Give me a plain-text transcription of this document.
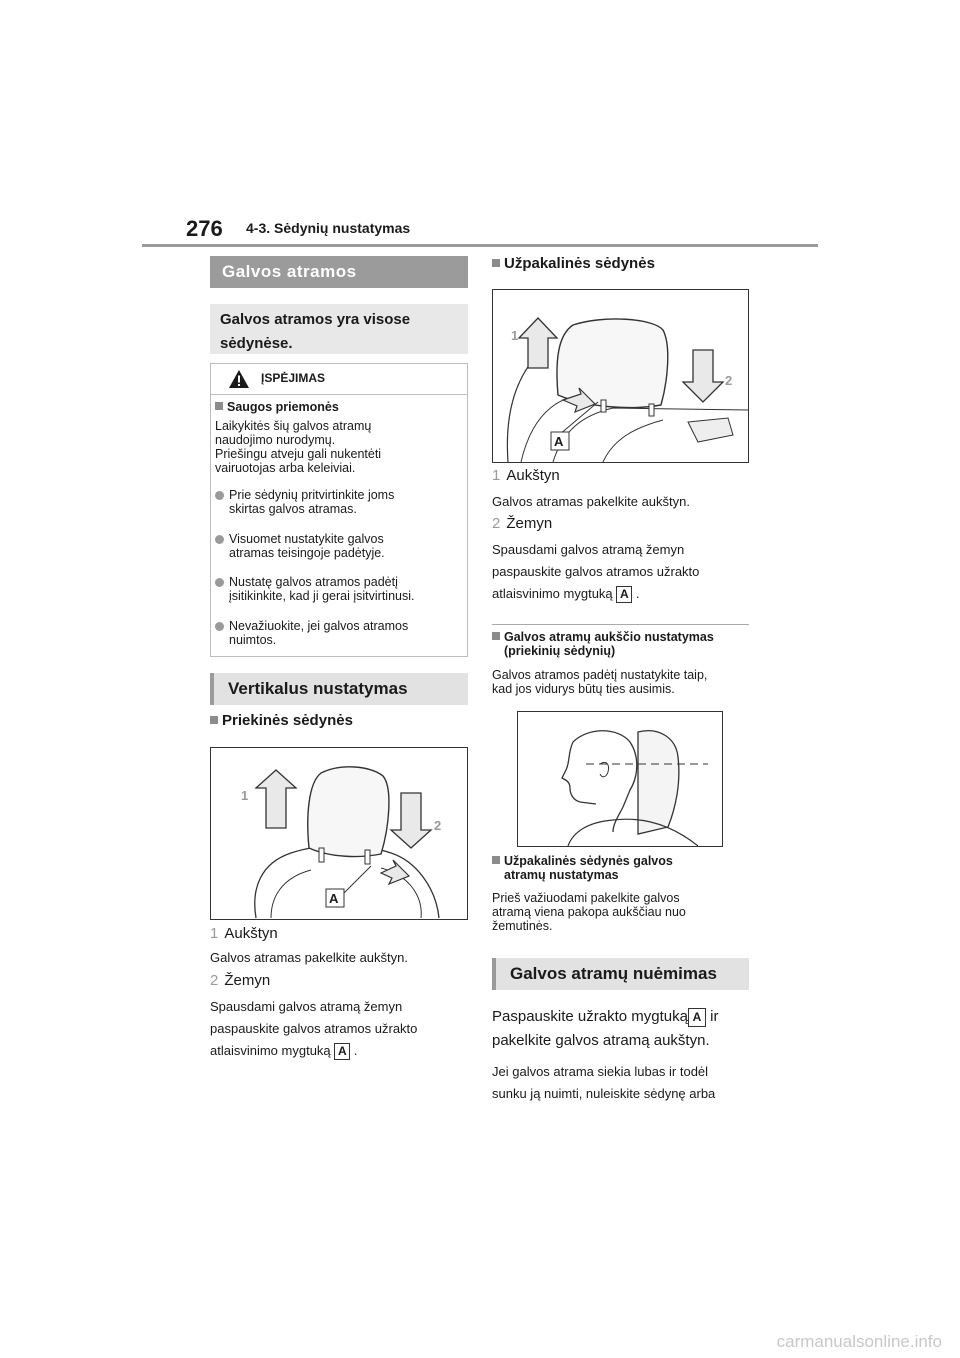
276 4-3. Sėdynių nustatymas
Galvos atramos
Galvos atramos yra visose sėdynėse.
ĮSPĖJIMAS
Saugos priemonės
Laikykitės šių galvos atramų
naudojimo nurodymų.
Priešingu atveju gali nukentėti
vairuotojas arba keleiviai.
Prie sėdynių pritvirtinkite joms
skirtas galvos atramas.
Visuomet nustatykite galvos
atramas teisingoje padėtyje.
Nustatę galvos atramos padėtį
įsitikinkite, kad ji gerai įsitvirtinusi.
Nevažiuokite, jei galvos atramos
nuimtos.
Vertikalus nustatymas
Priekinės sėdynės
1
2
A
1 Aukštyn
Galvos atramas pakelkite aukštyn.
2 Žemyn
Spausdami galvos atramą žemyn
paspauskite galvos atramos užrakto
atlaisvinimo mygtuką A .
Užpakalinės sėdynės
1
2
A
1 Aukštyn
Galvos atramas pakelkite aukštyn.
2 Žemyn
Spausdami galvos atramą žemyn
paspauskite galvos atramos užrakto
atlaisvinimo mygtuką A .
Galvos atramų aukščio nustatymas
(priekinių sėdynių)
Galvos atramos padėtį nustatykite taip,
kad jos vidurys būtų ties ausimis.
Užpakalinės sėdynės galvos
atramų nustatymas
Prieš važiuodami pakelkite galvos
atramą viena pakopa aukščiau nuo
žemutinės.
Galvos atramų nuėmimas
Paspauskite užrakto mygtuką A ir
pakelkite galvos atramą aukštyn.
Jei galvos atrama siekia lubas ir todėl
sunku ją nuimti, nuleiskite sėdynę arba
carmanualsonline.info
